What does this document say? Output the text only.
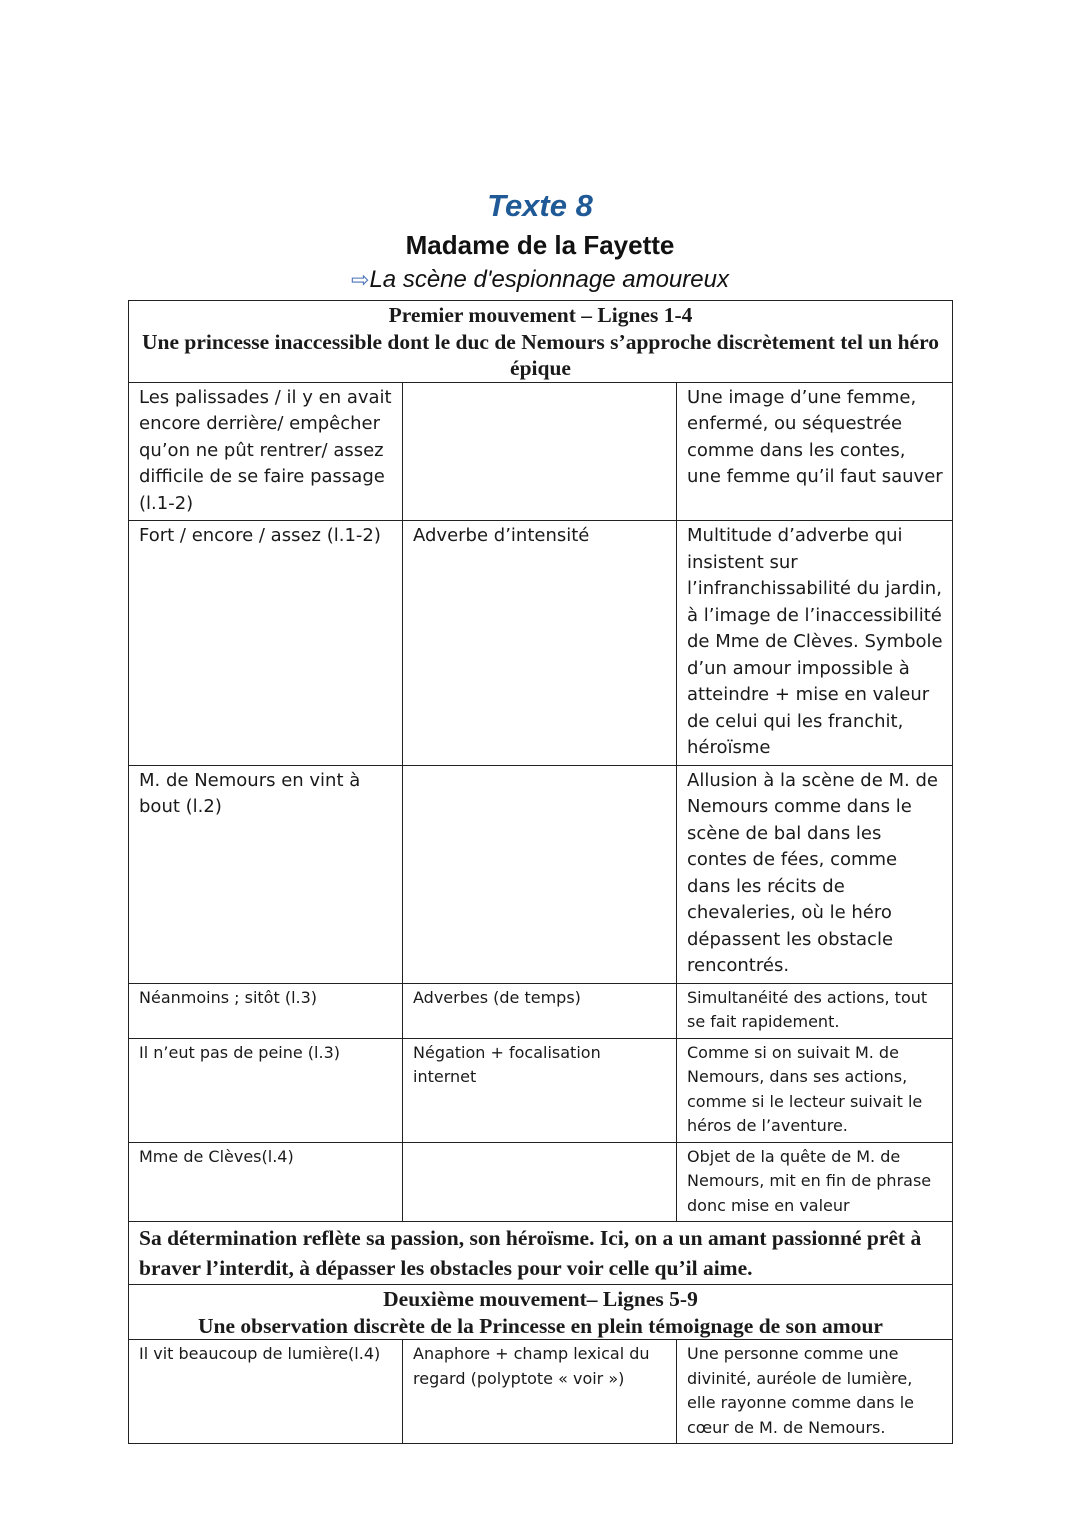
Texte 8
Madame de la Fayette
⇨La scène d'espionnage amoureux
Premier mouvement – Lignes 1-4
Une princesse inaccessible dont le duc de Nemours s’approche discrètement tel un héro épique		
Les palissades / il y en avait encore derrière/ empêcher qu’on ne pût rentrer/ assez difficile de se faire passage (l.1-2)		Une image d’une femme, enfermé, ou séquestrée comme dans les contes, une femme qu’il faut sauver
Fort / encore / assez (l.1-2)	Adverbe d’intensité	Multitude d’adverbe qui insistent sur l’infranchissabilité du jardin, à l’image de l’inaccessibilité de Mme de Clèves. Symbole d’un amour impossible à atteindre + mise en valeur de celui qui les franchit, héroïsme
M. de Nemours en vint à bout (l.2)		Allusion à la scène de M. de Nemours comme dans le scène de bal dans les contes de fées, comme dans les récits de chevaleries, où le héro dépassent les obstacle rencontrés.
Néanmoins ; sitôt (l.3)	Adverbes (de temps)	Simultanéité des actions, tout se fait rapidement.
Il n’eut pas de peine (l.3)	Négation + focalisation internet	Comme si on suivait M. de Nemours, dans ses actions, comme si le lecteur suivait le héros de l’aventure.
Mme de Clèves(l.4)		Objet de la quête de M. de Nemours, mit en fin de phrase donc mise en valeur
Sa détermination reflète sa passion, son héroïsme. Ici, on a un amant passionné prêt à braver l’interdit, à dépasser les obstacles pour voir celle qu’il aime.		

Deuxième mouvement– Lignes 5-9
Une observation discrète de la Princesse en plein témoignage de son amour		
Il vit beaucoup de lumière(l.4)	Anaphore + champ lexical du regard (polyptote « voir »)	Une personne comme une divinité, auréole de lumière, elle rayonne comme dans le cœur de M. de Nemours.
